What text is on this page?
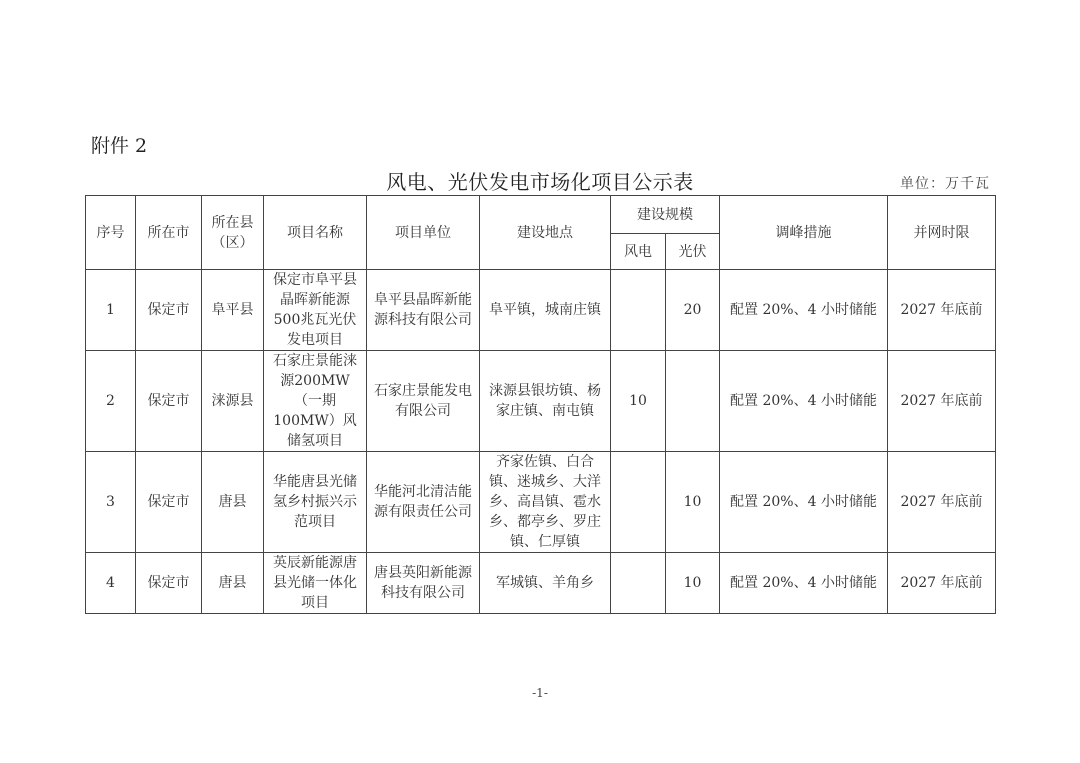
附件 2
风电、光伏发电市场化项目公示表	单位：万千瓦
序号	所在市	所在县（区）	项目名称	项目单位	建设地点	建设规模		调峰措施	并网时限
						风电	光伏		
1	保定市	阜平县	保定市阜平县晶晖新能源500兆瓦光伏发电项目	阜平县晶晖新能源科技有限公司	阜平镇，城南庄镇		20	配置 20%、4 小时储能	2027 年底前
2	保定市	涞源县	石家庄景能涞源200MW（一期100MW）风储氢项目	石家庄景能发电有限公司	涞源县银坊镇、杨家庄镇、南屯镇	10		配置 20%、4 小时储能	2027 年底前
3	保定市	唐县	华能唐县光储氢乡村振兴示范项目	华能河北清洁能源有限责任公司	齐家佐镇、白合镇、迷城乡、大洋乡、高昌镇、雹水乡、都亭乡、罗庄镇、仁厚镇		10	配置 20%、4 小时储能	2027 年底前
4	保定市	唐县	英辰新能源唐县光储一体化项目	唐县英阳新能源科技有限公司	军城镇、羊角乡		10	配置 20%、4 小时储能	2027 年底前
-1-
